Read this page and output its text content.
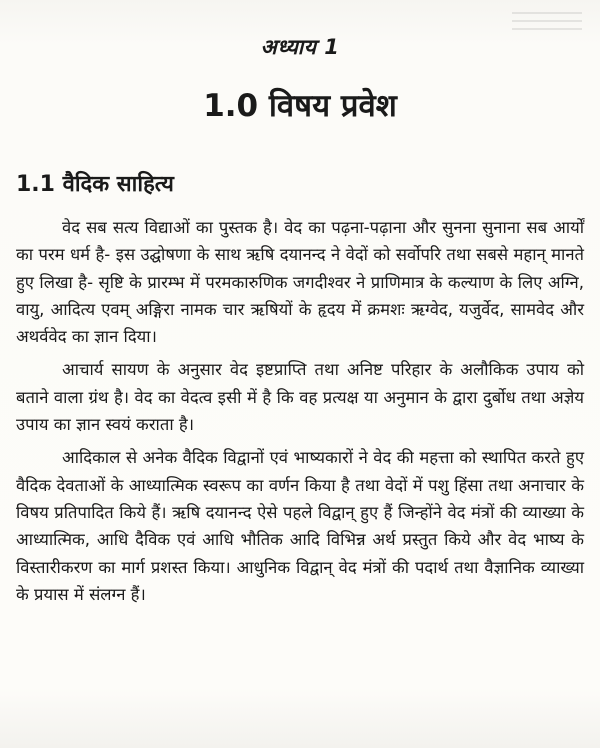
अध्याय 1
1.0 विषय प्रवेश
1.1 वैदिक साहित्य

वेद सब सत्य विद्याओं का पुस्तक है। वेद का पढ़ना-पढ़ाना और सुनना सुनाना सब आर्यों का परम धर्म है- इस उद्घोषणा के साथ ऋषि दयानन्द ने वेदों को सर्वोपरि तथा सबसे महान् मानते हुए लिखा है- सृष्टि के प्रारम्भ में परमकारुणिक जगदीश्वर ने प्राणिमात्र के कल्याण के लिए अग्नि, वायु, आदित्य एवम् अङ्गिरा नामक चार ऋषियों के हृदय में क्रमशः ऋग्वेद, यजुर्वेद, सामवेद और अथर्ववेद का ज्ञान दिया।

आचार्य सायण के अनुसार वेद इष्टप्राप्ति तथा अनिष्ट परिहार के अलौकिक उपाय को बताने वाला ग्रंथ है। वेद का वेदत्व इसी में है कि वह प्रत्यक्ष या अनुमान के द्वारा दुर्बोध तथा अज्ञेय उपाय का ज्ञान स्वयं कराता है।

आदिकाल से अनेक वैदिक विद्वानों एवं भाष्यकारों ने वेद की महत्ता को स्थापित करते हुए वैदिक देवताओं के आध्यात्मिक स्वरूप का वर्णन किया है तथा वेदों में पशु हिंसा तथा अनाचार के विषय प्रतिपादित किये हैं। ऋषि दयानन्द ऐसे पहले विद्वान् हुए हैं जिन्होंने वेद मंत्रों की व्याख्या के आध्यात्मिक, आधि दैविक एवं आधि भौतिक आदि विभिन्न अर्थ प्रस्तुत किये और वेद भाष्य के विस्तारीकरण का मार्ग प्रशस्त किया। आधुनिक विद्वान् वेद मंत्रों की पदार्थ तथा वैज्ञानिक व्याख्या के प्रयास में संलग्न हैं।
